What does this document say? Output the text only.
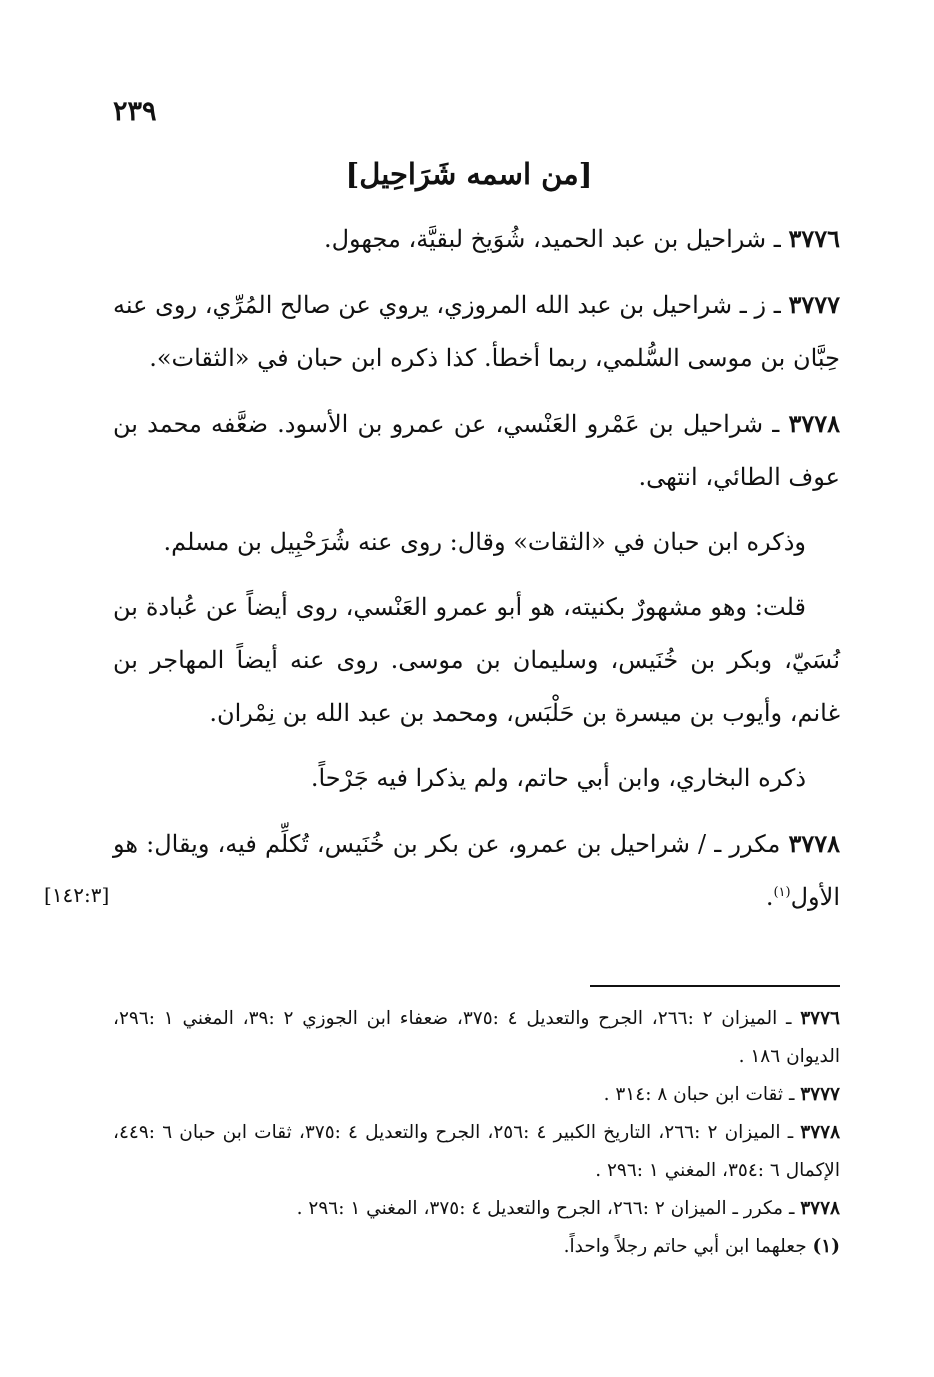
٢٣٩
[من اسمه شَرَاحِيل]

٣٧٧٦ ـ شراحيل بن عبد الحميد، شُوَيخ لبقيَّة، مجهول.

٣٧٧٧ ـ ز ـ شراحيل بن عبد الله المروزي، يروي عن صالح المُرِّي، روى عنه حِبَّان بن موسى السُّلمي، ربما أخطأ. كذا ذكره ابن حبان في «الثقات».

٣٧٧٨ ـ شراحيل بن عَمْرو العَنْسي، عن عمرو بن الأسود. ضعَّفه محمد بن عوف الطائي، انتهى.

وذكره ابن حبان في «الثقات» وقال: روى عنه شُرَحْبِيل بن مسلم.

قلت: وهو مشهورٌ بكنيته، هو أبو عمرو العَنْسي، روى أيضاً عن عُبادة بن نُسَيّ، وبكر بن خُنَيس، وسليمان بن موسى. روى عنه أيضاً المهاجر بن غانم، وأيوب بن ميسرة بن حَلْبَس، ومحمد بن عبد الله بن نِمْران.

ذكره البخاري، وابن أبي حاتم، ولم يذكرا فيه جَرْحاً.

٣٧٧٨ مكرر ـ / شراحيل بن عمرو، عن بكر بن خُنَيس، تُكلِّم فيه، ويقال: هو الأول$^{(١)}$.

[١٤٢:٣]

٣٧٧٦ ـ الميزان ٢ :٢٦٦، الجرح والتعديل ٤ :٣٧٥، ضعفاء ابن الجوزي ٢ :٣٩، المغني ١ :٢٩٦، الديوان ١٨٦ .

٣٧٧٧ ـ ثقات ابن حبان ٨ :٣١٤ .

٣٧٧٨ ـ الميزان ٢ :٢٦٦، التاريخ الكبير ٤ :٢٥٦، الجرح والتعديل ٤ :٣٧٥، ثقات ابن حبان ٦ :٤٤٩، الإكمال ٦ :٣٥٤، المغني ١ :٢٩٦ .

٣٧٧٨ ـ مكرر ـ الميزان ٢ :٢٦٦، الجرح والتعديل ٤ :٣٧٥، المغني ١ :٢٩٦ .

(١) جعلهما ابن أبي حاتم رجلاً واحداً.
